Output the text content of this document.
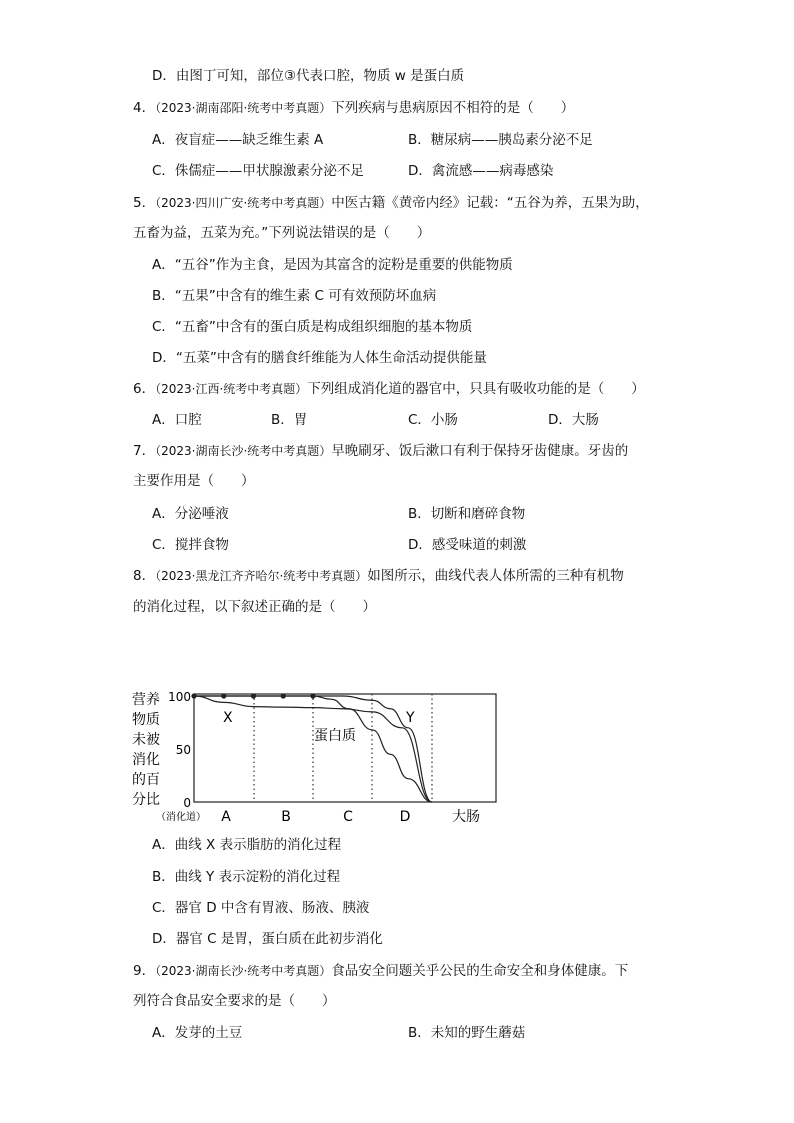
D．由图丁可知，部位③代表口腔，物质 w 是蛋白质
4．（2023·湖南邵阳·统考中考真题）下列疾病与患病原因不相符的是（　　）
A．夜盲症——缺乏维生素 A	B．糖尿病——胰岛素分泌不足
C．侏儒症——甲状腺激素分泌不足	D．禽流感——病毒感染
5．（2023·四川广安·统考中考真题）中医古籍《黄帝内经》记载：“五谷为养，五果为助，
五畜为益，五菜为充。”下列说法错误的是（　　）
A．“五谷”作为主食，是因为其富含的淀粉是重要的供能物质
B．“五果”中含有的维生素 C 可有效预防坏血病
C．“五畜”中含有的蛋白质是构成组织细胞的基本物质
D．“五菜”中含有的膳食纤维能为人体生命活动提供能量
6．（2023·江西·统考中考真题）下列组成消化道的器官中，只具有吸收功能的是（　　）
A．口腔	B．胃	C．小肠	D．大肠
7．（2023·湖南长沙·统考中考真题）早晚刷牙、饭后漱口有利于保持牙齿健康。牙齿的
主要作用是（　　）
A．分泌唾液	B．切断和磨碎食物
C．搅拌食物	D．感受味道的刺激
8．（2023·黑龙江齐齐哈尔·统考中考真题）如图所示，曲线代表人体所需的三种有机物
的消化过程，以下叙述正确的是（　　）
营养
物质
未被
消化
的百
分比
100
50
0
X	Y
蛋白质
A	B	C	D	大肠
（消化道）
A．曲线 X 表示脂肪的消化过程
B．曲线 Y 表示淀粉的消化过程
C．器官 D 中含有胃液、肠液、胰液
D．器官 C 是胃，蛋白质在此初步消化
9．（2023·湖南长沙·统考中考真题）食品安全问题关乎公民的生命安全和身体健康。下
列符合食品安全要求的是（　　）
A．发芽的土豆	B．未知的野生蘑菇
